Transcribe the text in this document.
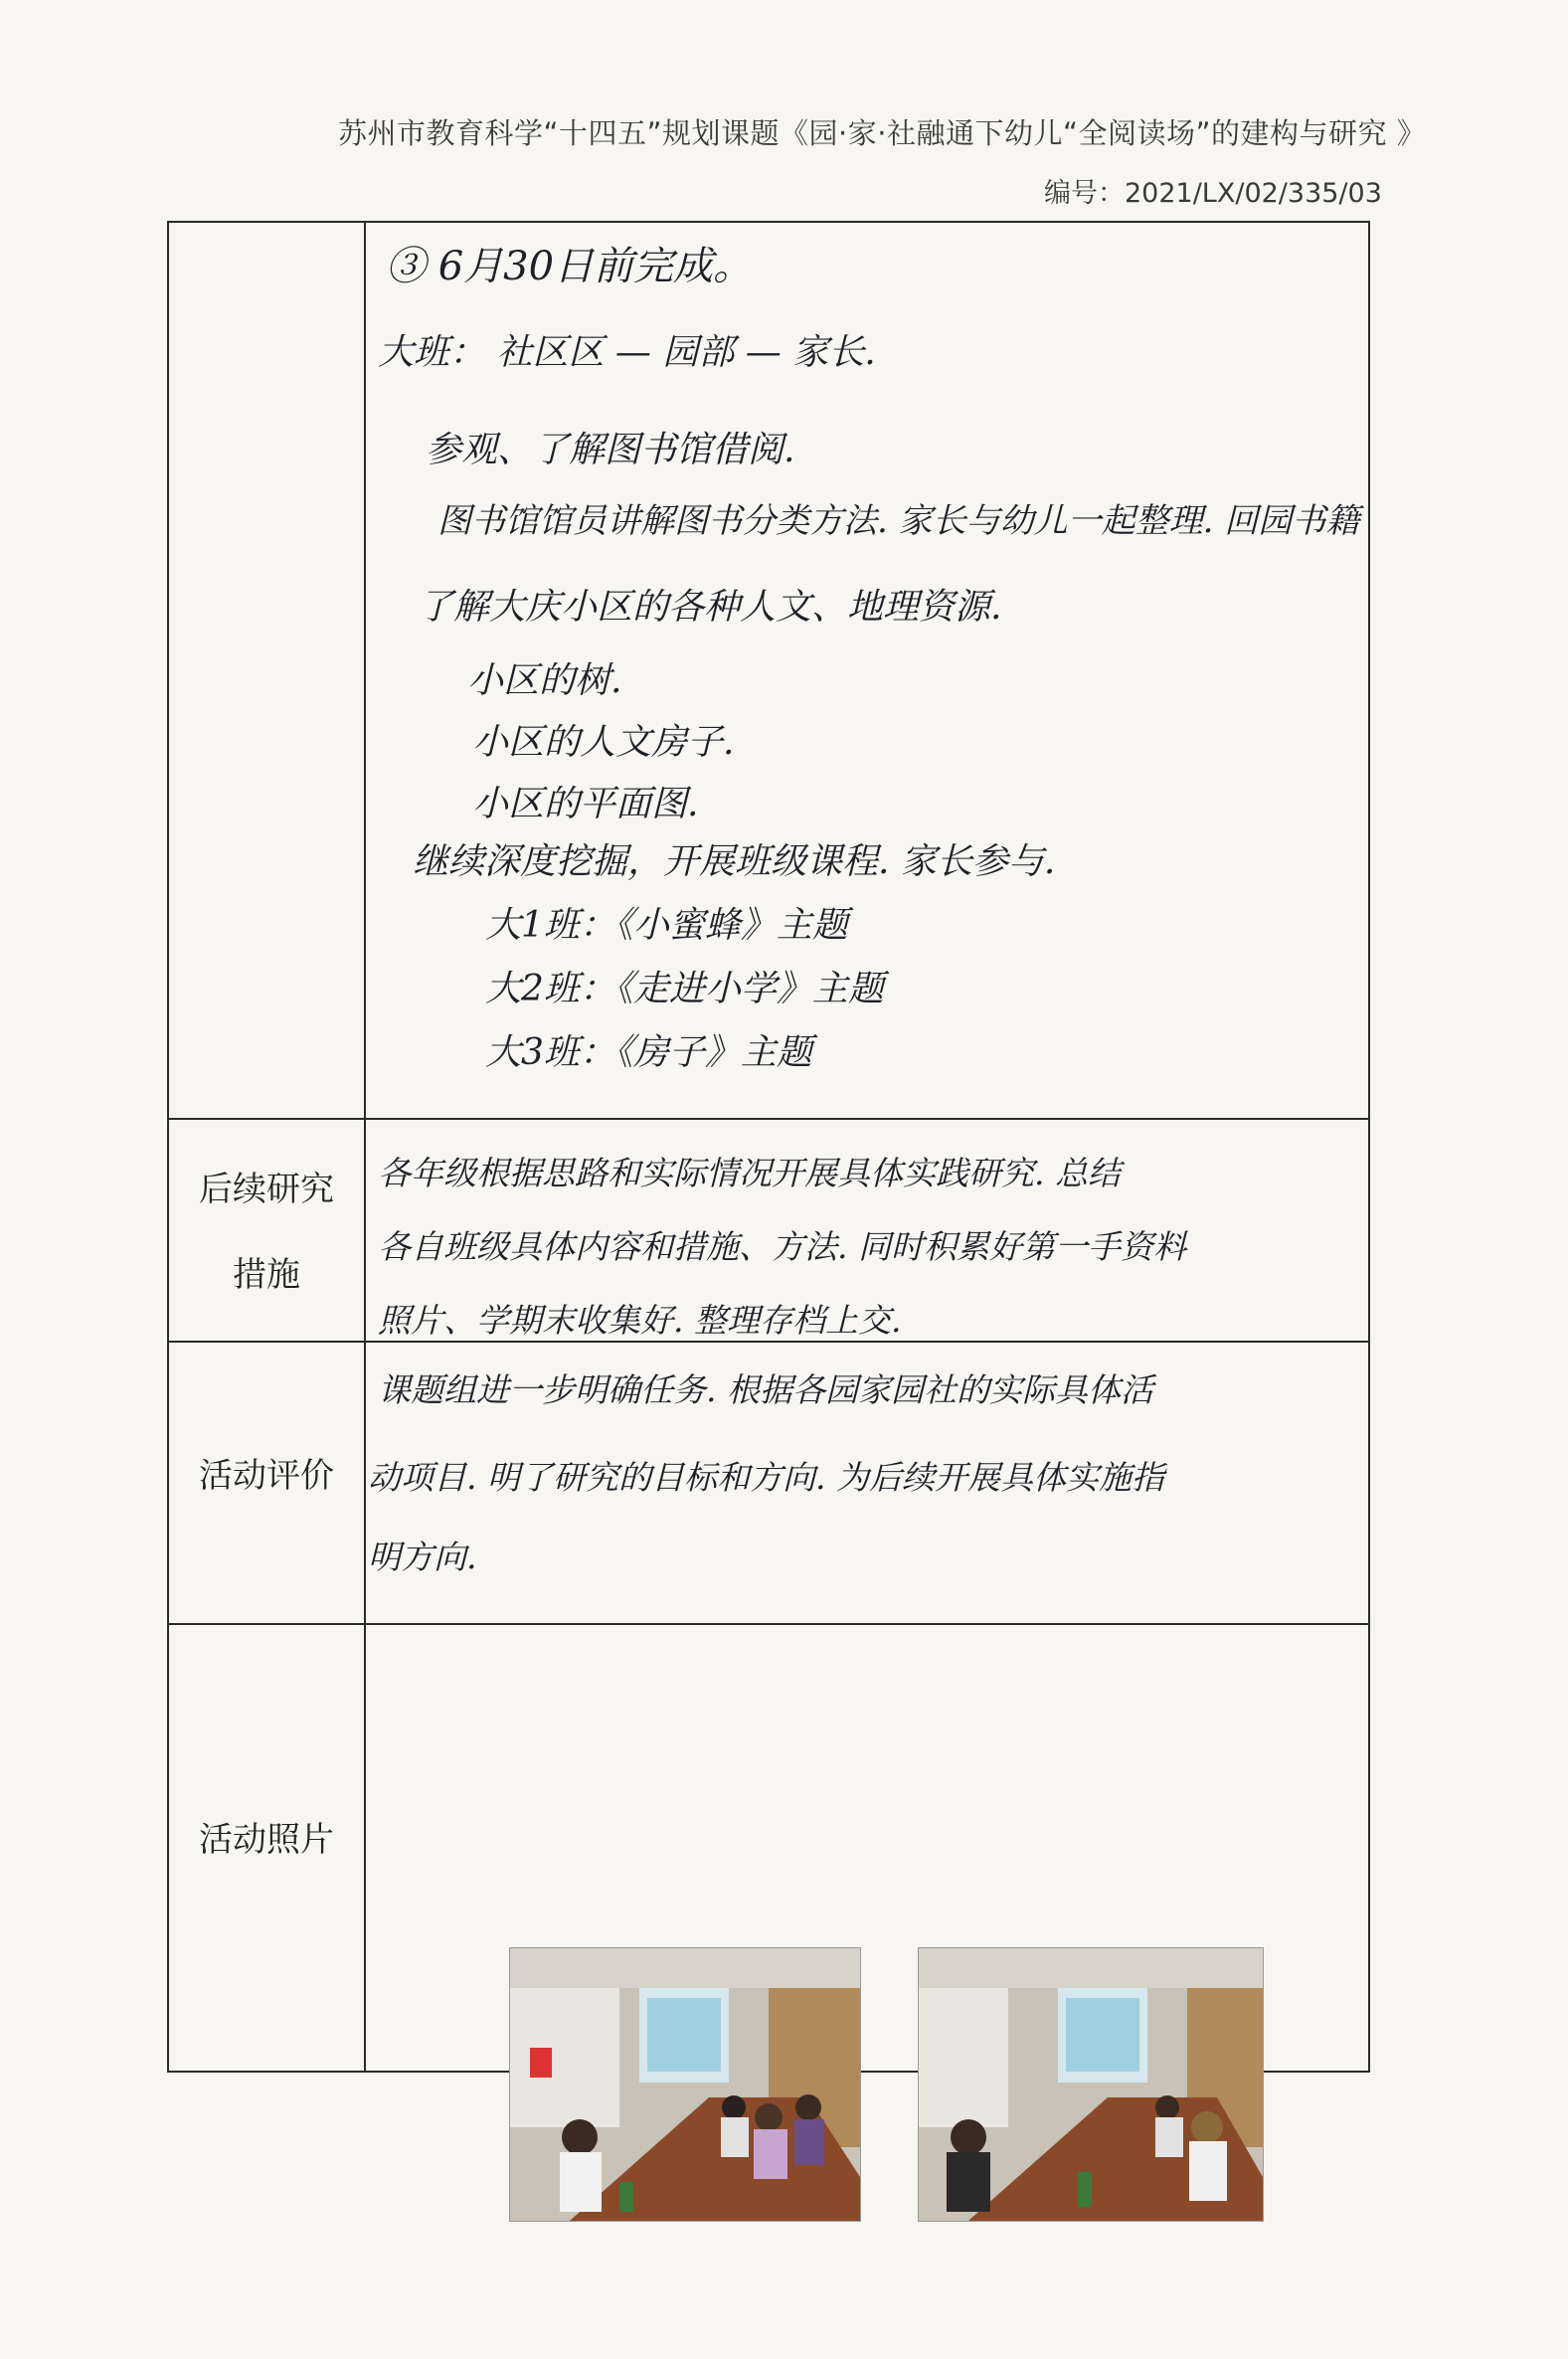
苏州市教育科学“十四五”规划课题《园·家·社融通下幼儿“全阅读场”的建构与研究 》
编号：2021/LX/02/335/03
③ 6月30日前完成。
大班： 社区区 — 园部 — 家长.
参观、了解图书馆借阅.
图书馆馆员讲解图书分类方法. 家长与幼儿一起整理. 回园书籍
了解大庆小区的各种人文、地理资源.
小区的树.
小区的人文房子.
小区的平面图.
继续深度挖掘，开展班级课程. 家长参与.
大1班：《小蜜蜂》主题
大2班：《走进小学》主题
大3班：《房子》主题
后续研究
措施
各年级根据思路和实际情况开展具体实践研究. 总结
各自班级具体内容和措施、方法. 同时积累好第一手资料
照片、学期末收集好. 整理存档上交.
活动评价
课题组进一步明确任务. 根据各园家园社的实际具体活
动项目. 明了研究的目标和方向. 为后续开展具体实施指
明方向.
活动照片
